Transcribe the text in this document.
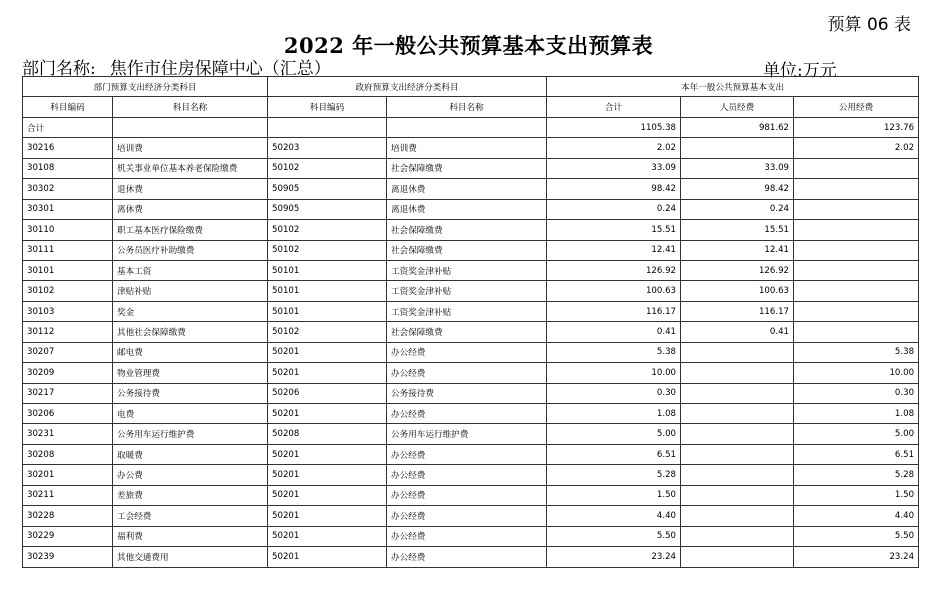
预算 06 表
2022 年一般公共预算基本支出预算表
部门名称: 焦作市住房保障中心（汇总）	单位:万元
部门预算支出经济分类科目		政府预算支出经济分类科目		本年一般公共预算基本支出		
科目编码	科目名称	科目编码	科目名称	合计	人员经费	公用经费
合计				1105.38	981.62	123.76
30216	培训费	50203	培训费	2.02		2.02
30108	机关事业单位基本养老保险缴费	50102	社会保障缴费	33.09	33.09	
30302	退休费	50905	离退休费	98.42	98.42	
30301	离休费	50905	离退休费	0.24	0.24	
30110	职工基本医疗保险缴费	50102	社会保障缴费	15.51	15.51	
30111	公务员医疗补助缴费	50102	社会保障缴费	12.41	12.41	
30101	基本工资	50101	工资奖金津补贴	126.92	126.92	
30102	津贴补贴	50101	工资奖金津补贴	100.63	100.63	
30103	奖金	50101	工资奖金津补贴	116.17	116.17	
30112	其他社会保障缴费	50102	社会保障缴费	0.41	0.41	
30207	邮电费	50201	办公经费	5.38		5.38
30209	物业管理费	50201	办公经费	10.00		10.00
30217	公务接待费	50206	公务接待费	0.30		0.30
30206	电费	50201	办公经费	1.08		1.08
30231	公务用车运行维护费	50208	公务用车运行维护费	5.00		5.00
30208	取暖费	50201	办公经费	6.51		6.51
30201	办公费	50201	办公经费	5.28		5.28
30211	差旅费	50201	办公经费	1.50		1.50
30228	工会经费	50201	办公经费	4.40		4.40
30229	福利费	50201	办公经费	5.50		5.50
30239	其他交通费用	50201	办公经费	23.24		23.24
